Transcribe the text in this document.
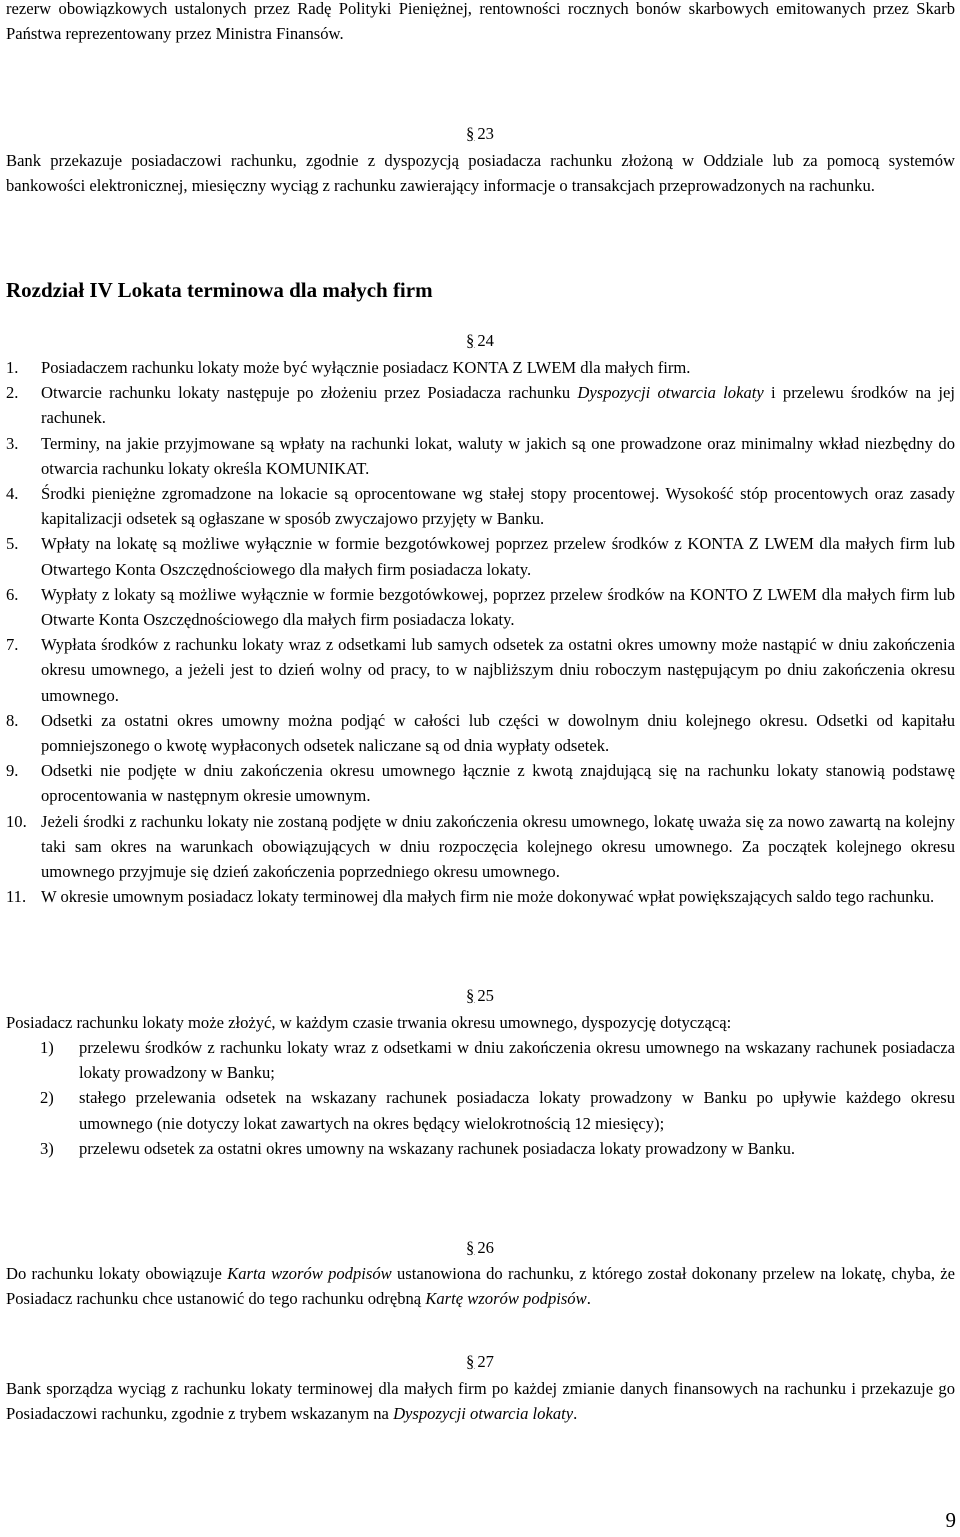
rezerw obowiązkowych ustalonych przez Radę Polityki Pieniężnej, rentowności rocznych bonów skarbowych emitowanych przez Skarb Państwa reprezentowany przez Ministra Finansów.

§ 23

Bank przekazuje posiadaczowi rachunku, zgodnie z dyspozycją posiadacza rachunku złożoną w Oddziale lub za pomocą systemów bankowości elektronicznej, miesięczny wyciąg z rachunku zawierający informacje o transakcjach przeprowadzonych na rachunku.

Rozdział IV Lokata terminowa dla małych firm

§ 24

1. Posiadaczem rachunku lokaty może być wyłącznie posiadacz KONTA Z LWEM dla małych firm.
2. Otwarcie rachunku lokaty następuje po złożeniu przez Posiadacza rachunku Dyspozycji otwarcia lokaty i przelewu środków na jej rachunek.
3. Terminy, na jakie przyjmowane są wpłaty na rachunki lokat, waluty w jakich są one prowadzone oraz minimalny wkład niezbędny do otwarcia rachunku lokaty określa KOMUNIKAT.
4. Środki pieniężne zgromadzone na lokacie są oprocentowane wg stałej stopy procentowej. Wysokość stóp procentowych oraz zasady kapitalizacji odsetek są ogłaszane w sposób zwyczajowo przyjęty w Banku.
5. Wpłaty na lokatę są możliwe wyłącznie w formie bezgotówkowej poprzez przelew środków z KONTA Z LWEM dla małych firm lub Otwartego Konta Oszczędnościowego dla małych firm posiadacza lokaty.
6. Wypłaty z lokaty są możliwe wyłącznie w formie bezgotówkowej, poprzez przelew środków na KONTO Z LWEM dla małych firm lub Otwarte Konta Oszczędnościowego dla małych firm posiadacza lokaty.
7. Wypłata środków z rachunku lokaty wraz z odsetkami lub samych odsetek za ostatni okres umowny może nastąpić w dniu zakończenia okresu umownego, a jeżeli jest to dzień wolny od pracy, to w najbliższym dniu roboczym następującym po dniu zakończenia okresu umownego.
8. Odsetki za ostatni okres umowny można podjąć w całości lub części w dowolnym dniu kolejnego okresu. Odsetki od kapitału pomniejszonego o kwotę wypłaconych odsetek naliczane są od dnia wypłaty odsetek.
9. Odsetki nie podjęte w dniu zakończenia okresu umownego łącznie z kwotą znajdującą się na rachunku lokaty stanowią podstawę oprocentowania w następnym okresie umownym.
10. Jeżeli środki z rachunku lokaty nie zostaną podjęte w dniu zakończenia okresu umownego, lokatę uważa się za nowo zawartą na kolejny taki sam okres na warunkach obowiązujących w dniu rozpoczęcia kolejnego okresu umownego. Za początek kolejnego okresu umownego przyjmuje się dzień zakończenia poprzedniego okresu umownego.
11. W okresie umownym posiadacz lokaty terminowej dla małych firm nie może dokonywać wpłat powiększających saldo tego rachunku.

§ 25

Posiadacz rachunku lokaty może złożyć, w każdym czasie trwania okresu umownego, dyspozycję dotyczącą:

1) przelewu środków z rachunku lokaty wraz z odsetkami w dniu zakończenia okresu umownego na wskazany rachunek posiadacza lokaty prowadzony w Banku;
2) stałego przelewania odsetek na wskazany rachunek posiadacza lokaty prowadzony w Banku po upływie każdego okresu umownego (nie dotyczy lokat zawartych na okres będący wielokrotnością 12 miesięcy);
3) przelewu odsetek za ostatni okres umowny na wskazany rachunek posiadacza lokaty prowadzony w Banku.

§ 26

Do rachunku lokaty obowiązuje Karta wzorów podpisów ustanowiona do rachunku, z którego został dokonany przelew na lokatę, chyba, że Posiadacz rachunku chce ustanowić do tego rachunku odrębną Kartę wzorów podpisów.

§ 27

Bank sporządza wyciąg z rachunku lokaty terminowej dla małych firm po każdej zmianie danych finansowych na rachunku i przekazuje go Posiadaczowi rachunku, zgodnie z trybem wskazanym na Dyspozycji otwarcia lokaty.

9
